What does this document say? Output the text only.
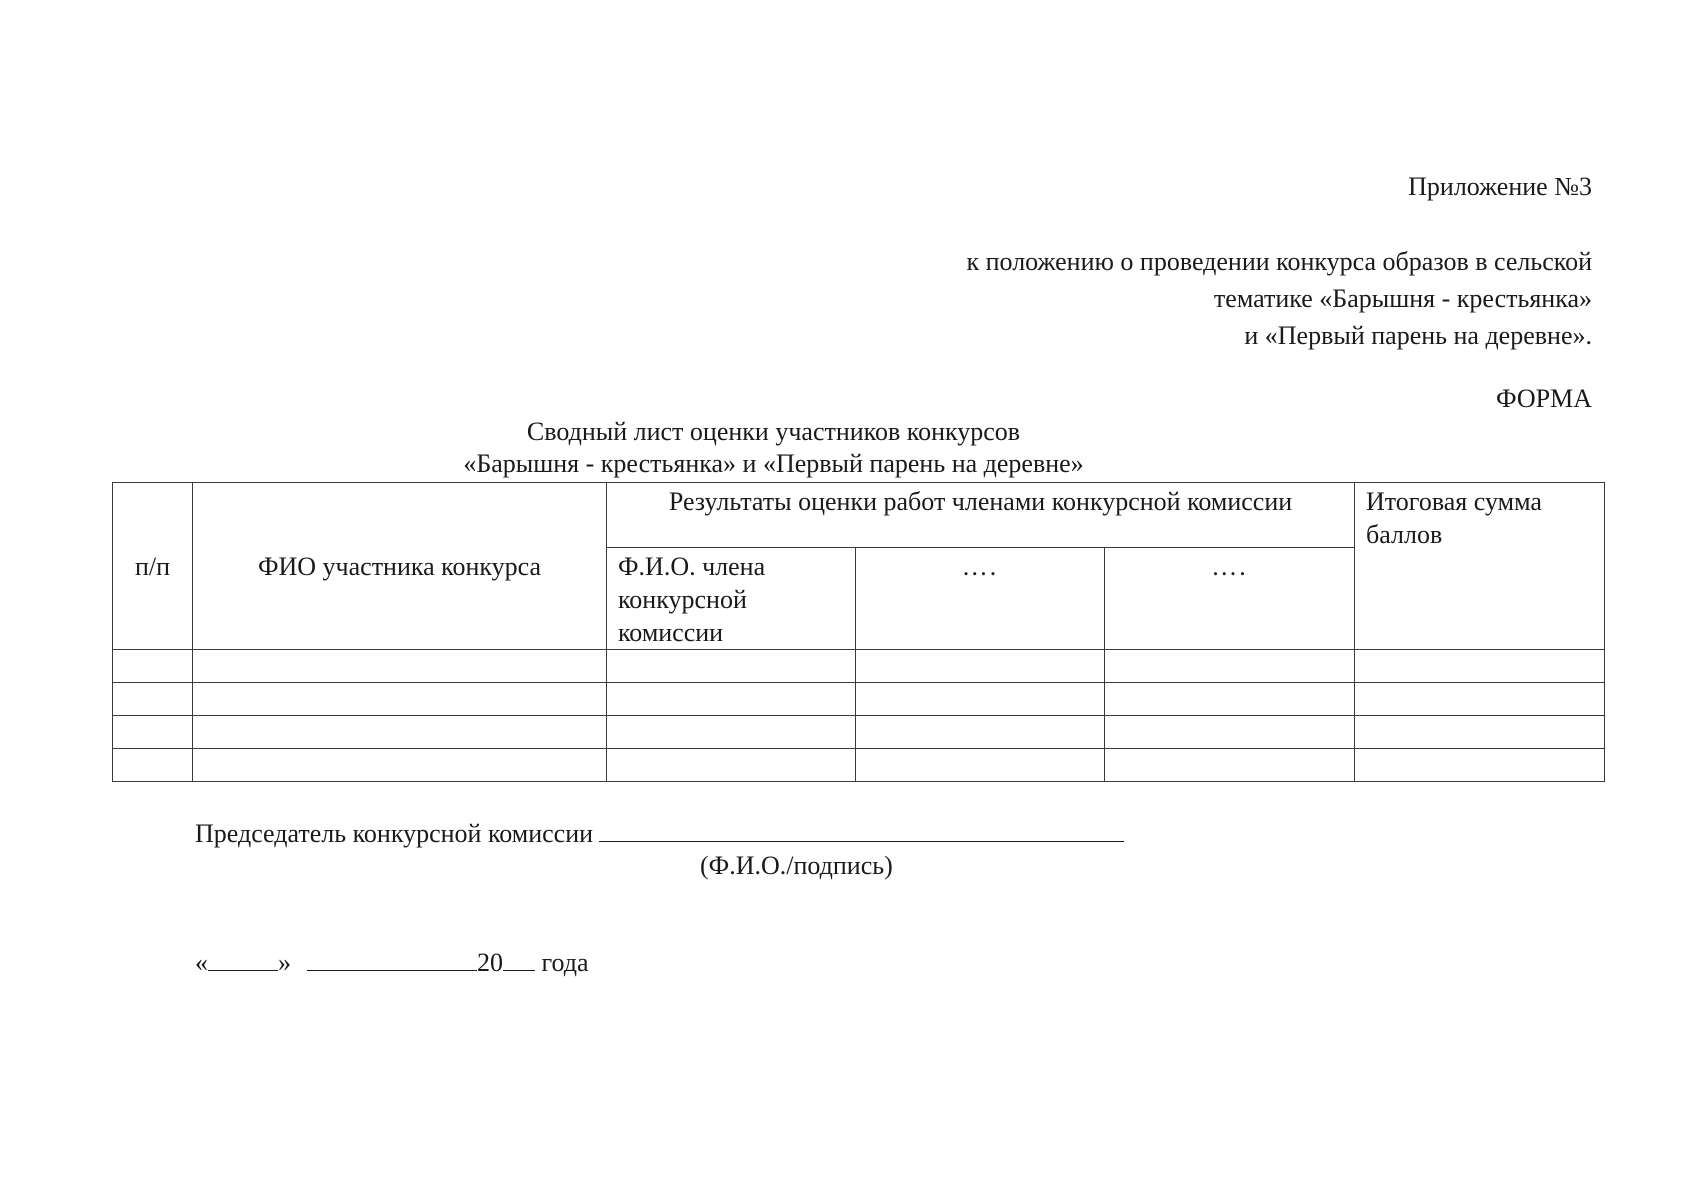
Приложение №3
к положению о проведении конкурса образов в сельской
тематике «Барышня - крестьянка»
и «Первый парень на деревне».
ФОРМА
Сводный лист оценки участников конкурсов
«Барышня - крестьянка» и «Первый парень на деревне»
п/п	ФИО участника конкурса	Результаты оценки работ членами конкурсной комиссии			Итоговая сумма
баллов

		Ф.И.О. члена
конкурсной
комиссии	….	….	

Председатель конкурсной комиссии
(Ф.И.О./подпись)
«	»	20 года
